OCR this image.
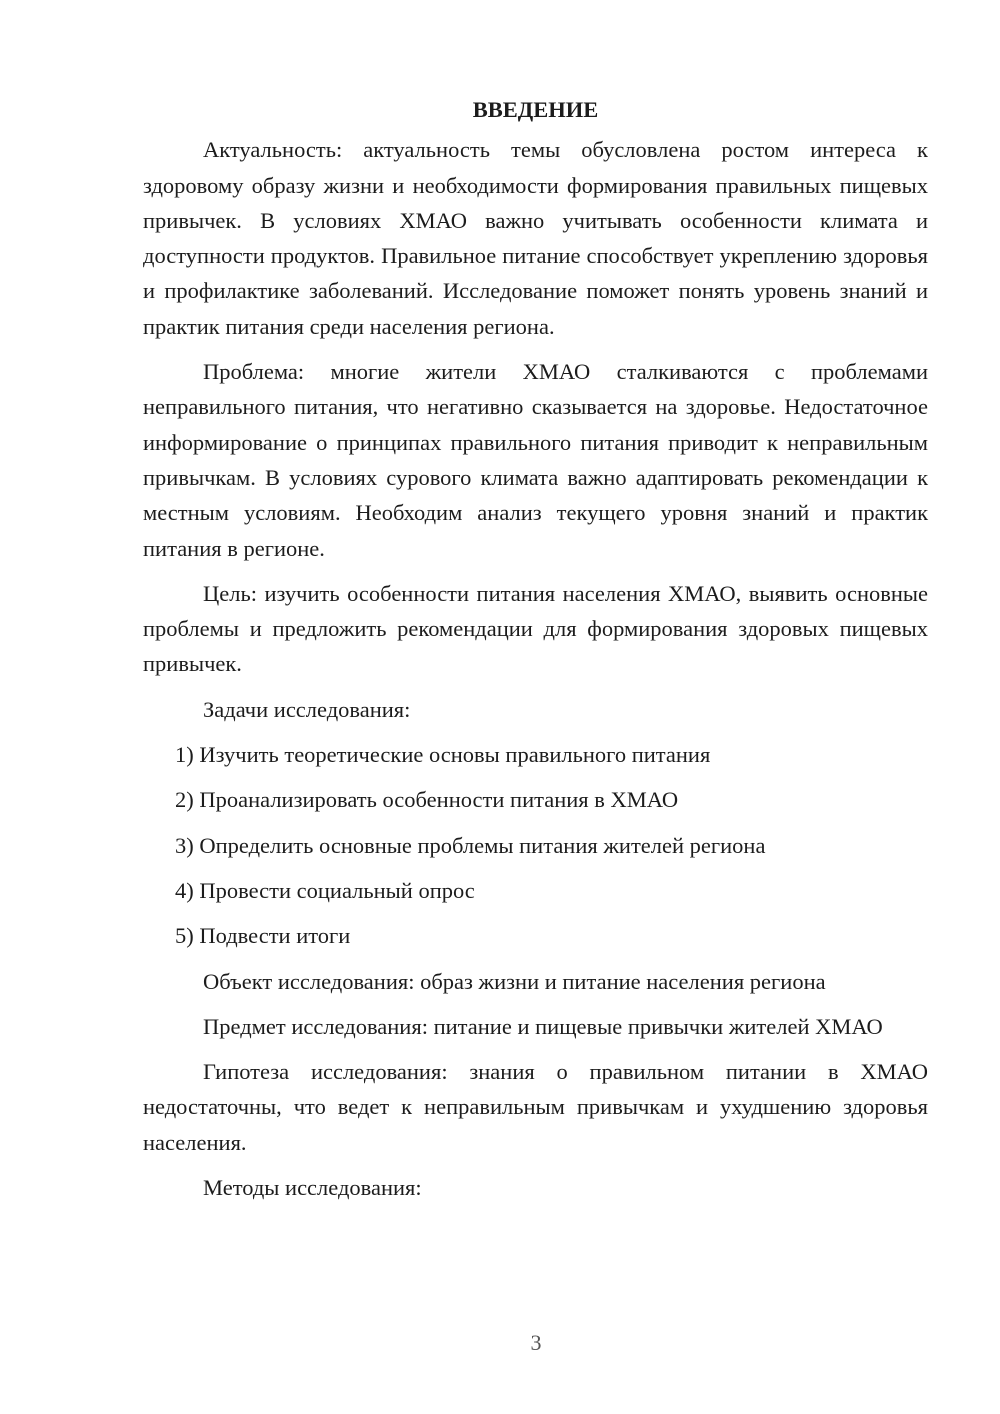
ВВЕДЕНИЕ

Актуальность: актуальность темы обусловлена ростом интереса к здоровому образу жизни и необходимости формирования правильных пищевых привычек. В условиях ХМАО важно учитывать особенности климата и доступности продуктов. Правильное питание способствует укреплению здоровья и профилактике заболеваний. Исследование поможет понять уровень знаний и практик питания среди населения региона.

Проблема: многие жители ХМАО сталкиваются с проблемами неправильного питания, что негативно сказывается на здоровье. Недостаточное информирование о принципах правильного питания приводит к неправильным привычкам. В условиях сурового климата важно адаптировать рекомендации к местным условиям. Необходим анализ текущего уровня знаний и практик питания в регионе.

Цель: изучить особенности питания населения ХМАО, выявить основные проблемы и предложить рекомендации для формирования здоровых пищевых привычек.

Задачи исследования:

1) Изучить теоретические основы правильного питания
2) Проанализировать особенности питания в ХМАО
3) Определить основные проблемы питания жителей региона
4) Провести социальный опрос
5) Подвести итоги

Объект исследования: образ жизни и питание населения региона

Предмет исследования: питание и пищевые привычки жителей ХМАО

Гипотеза исследования: знания о правильном питании в ХМАО недостаточны, что ведет к неправильным привычкам и ухудшению здоровья населения.

Методы исследования:

3
